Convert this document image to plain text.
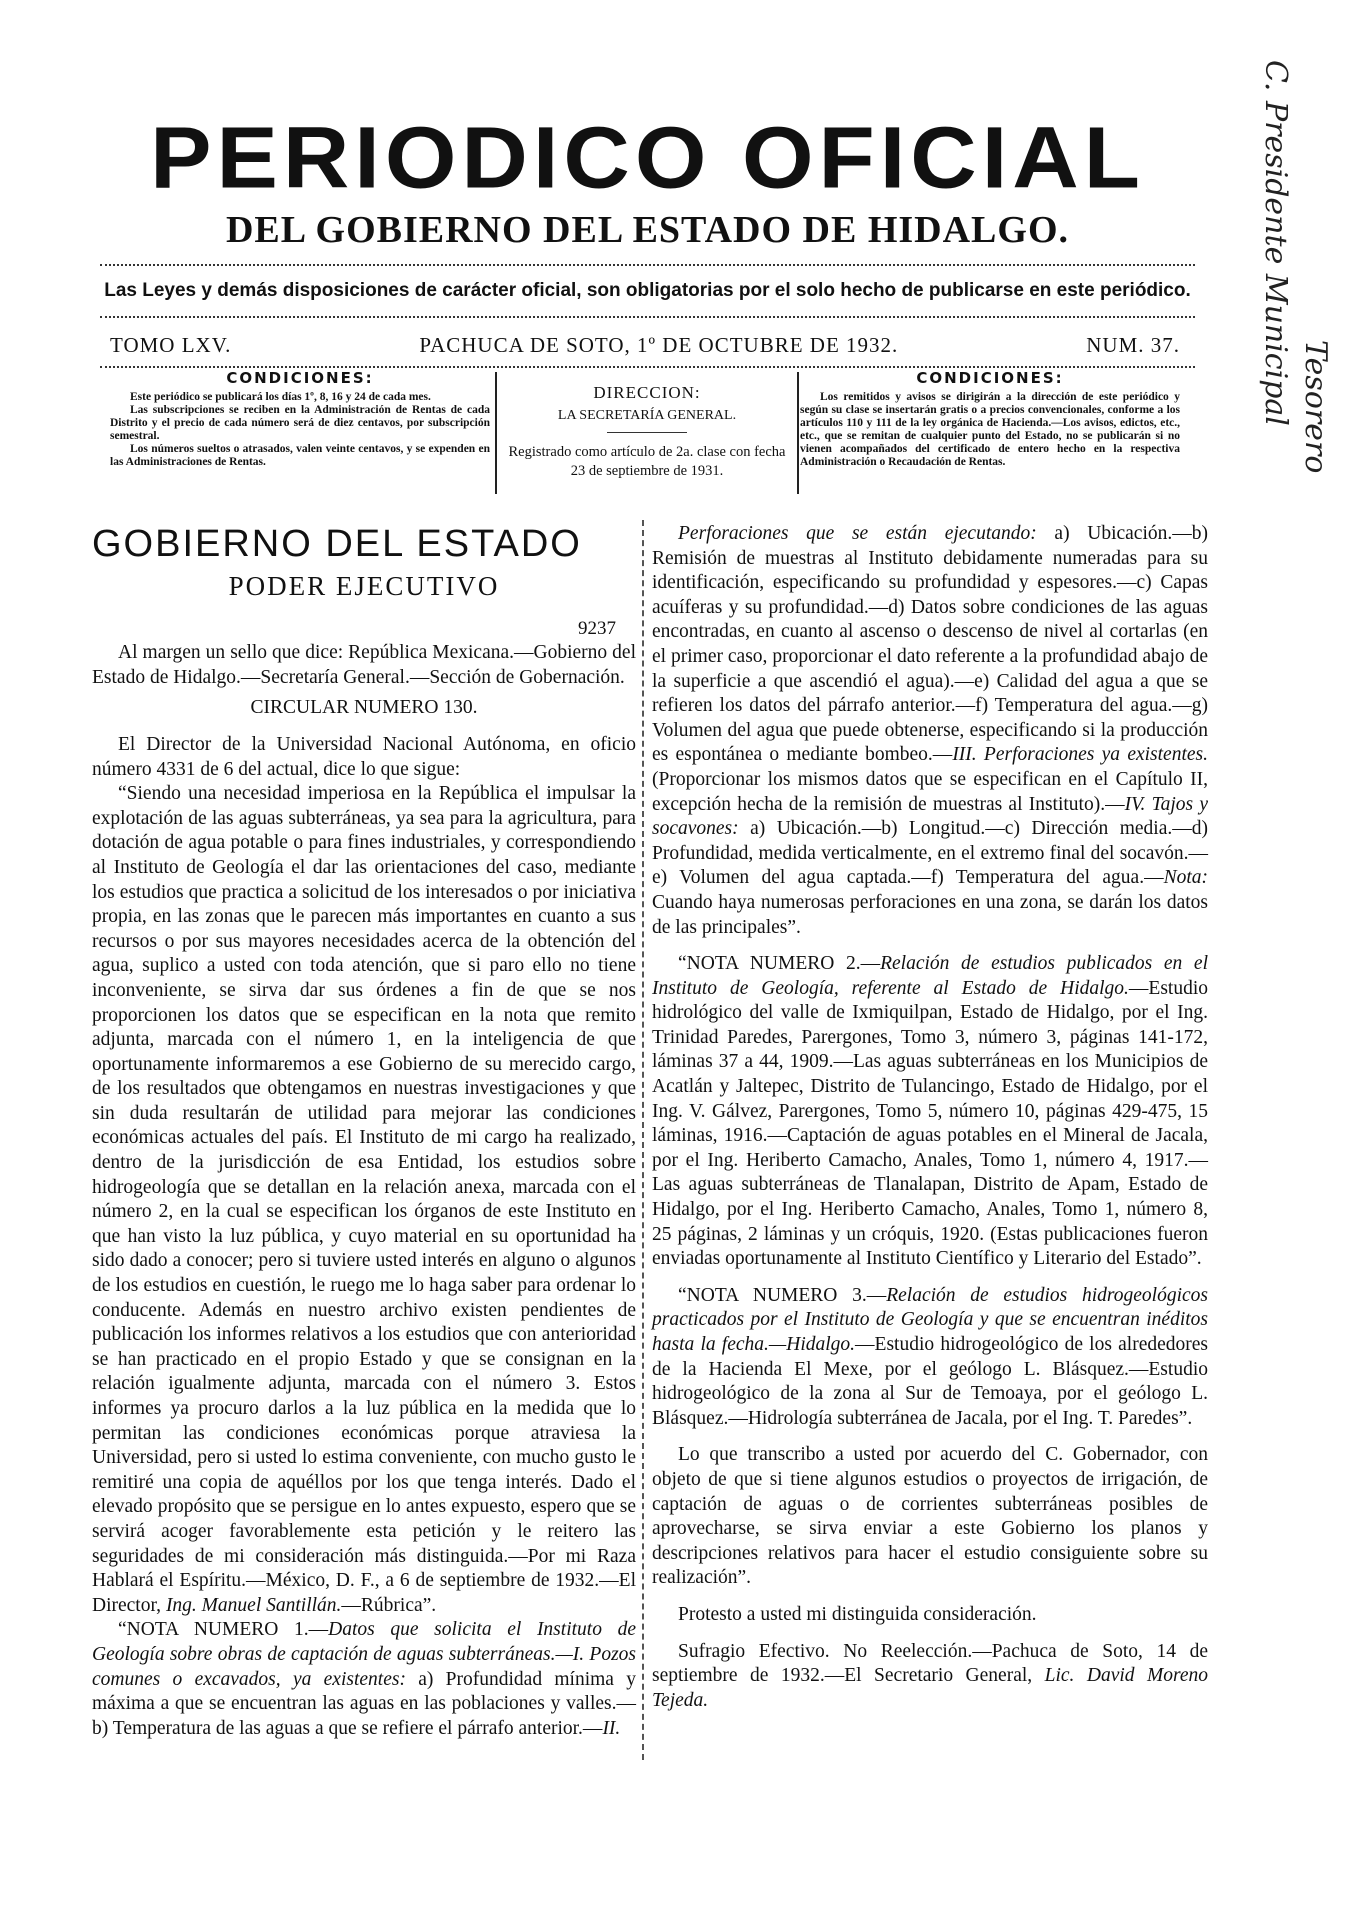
PERIODICO OFICIAL
DEL GOBIERNO DEL ESTADO DE HIDALGO.
Las Leyes y demás disposiciones de carácter oficial, son obligatorias por el solo hecho de publicarse en este periódico.
TOMO LXV.	PACHUCA DE SOTO, 1º DE OCTUBRE DE 1932.	NUM. 37.
CONDICIONES:

Este periódico se publicará los días 1º, 8, 16 y 24 de cada mes.

Las subscripciones se reciben en la Administración de Rentas de cada Distrito y el precio de cada número será de diez centavos, por subscripción semestral.

Los números sueltos o atrasados, valen veinte centavos, y se expenden en las Administraciones de Rentas.

DIRECCION:
LA SECRETARÍA GENERAL.
Registrado como artículo de 2a. clase con fecha 23 de septiembre de 1931.
CONDICIONES:

Los remitidos y avisos se dirigirán a la dirección de este periódico y según su clase se insertarán gratis o a precios convencionales, conforme a los artículos 110 y 111 de la ley orgánica de Hacienda.—Los avisos, edictos, etc., etc., que se remitan de cualquier punto del Estado, no se publicarán si no vienen acompañados del certificado de entero hecho en la respectiva Administración o Recaudación de Rentas.

C. Presidente Municipal Tesorero
GOBIERNO DEL ESTADO
PODER EJECUTIVO
9237

Al margen un sello que dice: República Mexicana.—Gobierno del Estado de Hidalgo.—Secretaría General.—Sección de Gobernación.

CIRCULAR NUMERO 130.

El Director de la Universidad Nacional Autónoma, en oficio número 4331 de 6 del actual, dice lo que sigue:

“Siendo una necesidad imperiosa en la República el impulsar la explotación de las aguas subterráneas, ya sea para la agricultura, para dotación de agua potable o para fines industriales, y correspondiendo al Instituto de Geología el dar las orientaciones del caso, mediante los estudios que practica a solicitud de los interesados o por iniciativa propia, en las zonas que le parecen más importantes en cuanto a sus recursos o por sus mayores necesidades acerca de la obtención del agua, suplico a usted con toda atención, que si paro ello no tiene inconveniente, se sirva dar sus órdenes a fin de que se nos proporcionen los datos que se especifican en la nota que remito adjunta, marcada con el número 1, en la inteligencia de que oportunamente informaremos a ese Gobierno de su merecido cargo, de los resultados que obtengamos en nuestras investigaciones y que sin duda resultarán de utilidad para mejorar las condiciones económicas actuales del país. El Instituto de mi cargo ha realizado, dentro de la jurisdicción de esa Entidad, los estudios sobre hidrogeología que se detallan en la relación anexa, marcada con el número 2, en la cual se especifican los órganos de este Instituto en que han visto la luz pública, y cuyo material en su oportunidad ha sido dado a conocer; pero si tuviere usted interés en alguno o algunos de los estudios en cuestión, le ruego me lo haga saber para ordenar lo conducente. Además en nuestro archivo existen pendientes de publicación los informes relativos a los estudios que con anterioridad se han practicado en el propio Estado y que se consignan en la relación igualmente adjunta, marcada con el número 3. Estos informes ya procuro darlos a la luz pública en la medida que lo permitan las condiciones económicas porque atraviesa la Universidad, pero si usted lo estima conveniente, con mucho gusto le remitiré una copia de aquéllos por los que tenga interés. Dado el elevado propósito que se persigue en lo antes expuesto, espero que se servirá acoger favorablemente esta petición y le reitero las seguridades de mi consideración más distinguida.—Por mi Raza Hablará el Espíritu.—México, D. F., a 6 de septiembre de 1932.—El Director, Ing. Manuel Santillán.—Rúbrica”.

“NOTA NUMERO 1.—Datos que solicita el Instituto de Geología sobre obras de captación de aguas subterráneas.—I. Pozos comunes o excavados, ya existentes: a) Profundidad mínima y máxima a que se encuentran las aguas en las poblaciones y valles.—b) Temperatura de las aguas a que se refiere el párrafo anterior.—II.

Perforaciones que se están ejecutando: a) Ubicación.—b) Remisión de muestras al Instituto debidamente numeradas para su identificación, especificando su profundidad y espesores.—c) Capas acuíferas y su profundidad.—d) Datos sobre condiciones de las aguas encontradas, en cuanto al ascenso o descenso de nivel al cortarlas (en el primer caso, proporcionar el dato referente a la profundidad abajo de la superficie a que ascendió el agua).—e) Calidad del agua a que se refieren los datos del párrafo anterior.—f) Temperatura del agua.—g) Volumen del agua que puede obtenerse, especificando si la producción es espontánea o mediante bombeo.—III. Perforaciones ya existentes. (Proporcionar los mismos datos que se especifican en el Capítulo II, excepción hecha de la remisión de muestras al Instituto).—IV. Tajos y socavones: a) Ubicación.—b) Longitud.—c) Dirección media.—d) Profundidad, medida verticalmente, en el extremo final del socavón.—e) Volumen del agua captada.—f) Temperatura del agua.—Nota: Cuando haya numerosas perforaciones en una zona, se darán los datos de las principales”.

“NOTA NUMERO 2.—Relación de estudios publicados en el Instituto de Geología, referente al Estado de Hidalgo.—Estudio hidrológico del valle de Ixmiquilpan, Estado de Hidalgo, por el Ing. Trinidad Paredes, Parergones, Tomo 3, número 3, páginas 141-172, láminas 37 a 44, 1909.—Las aguas subterráneas en los Municipios de Acatlán y Jaltepec, Distrito de Tulancingo, Estado de Hidalgo, por el Ing. V. Gálvez, Parergones, Tomo 5, número 10, páginas 429-475, 15 láminas, 1916.—Captación de aguas potables en el Mineral de Jacala, por el Ing. Heriberto Camacho, Anales, Tomo 1, número 4, 1917.—Las aguas subterráneas de Tlanalapan, Distrito de Apam, Estado de Hidalgo, por el Ing. Heriberto Camacho, Anales, Tomo 1, número 8, 25 páginas, 2 láminas y un cróquis, 1920. (Estas publicaciones fueron enviadas oportunamente al Instituto Científico y Literario del Estado”.

“NOTA NUMERO 3.—Relación de estudios hidrogeológicos practicados por el Instituto de Geología y que se encuentran inéditos hasta la fecha.—Hidalgo.—Estudio hidrogeológico de los alrededores de la Hacienda El Mexe, por el geólogo L. Blásquez.—Estudio hidrogeológico de la zona al Sur de Temoaya, por el geólogo L. Blásquez.—Hidrología subterránea de Jacala, por el Ing. T. Paredes”.

Lo que transcribo a usted por acuerdo del C. Gobernador, con objeto de que si tiene algunos estudios o proyectos de irrigación, de captación de aguas o de corrientes subterráneas posibles de aprovecharse, se sirva enviar a este Gobierno los planos y descripciones relativos para hacer el estudio consiguiente sobre su realización”.

Protesto a usted mi distinguida consideración.

Sufragio Efectivo. No Reelección.—Pachuca de Soto, 14 de septiembre de 1932.—El Secretario General, Lic. David Moreno Tejeda.
